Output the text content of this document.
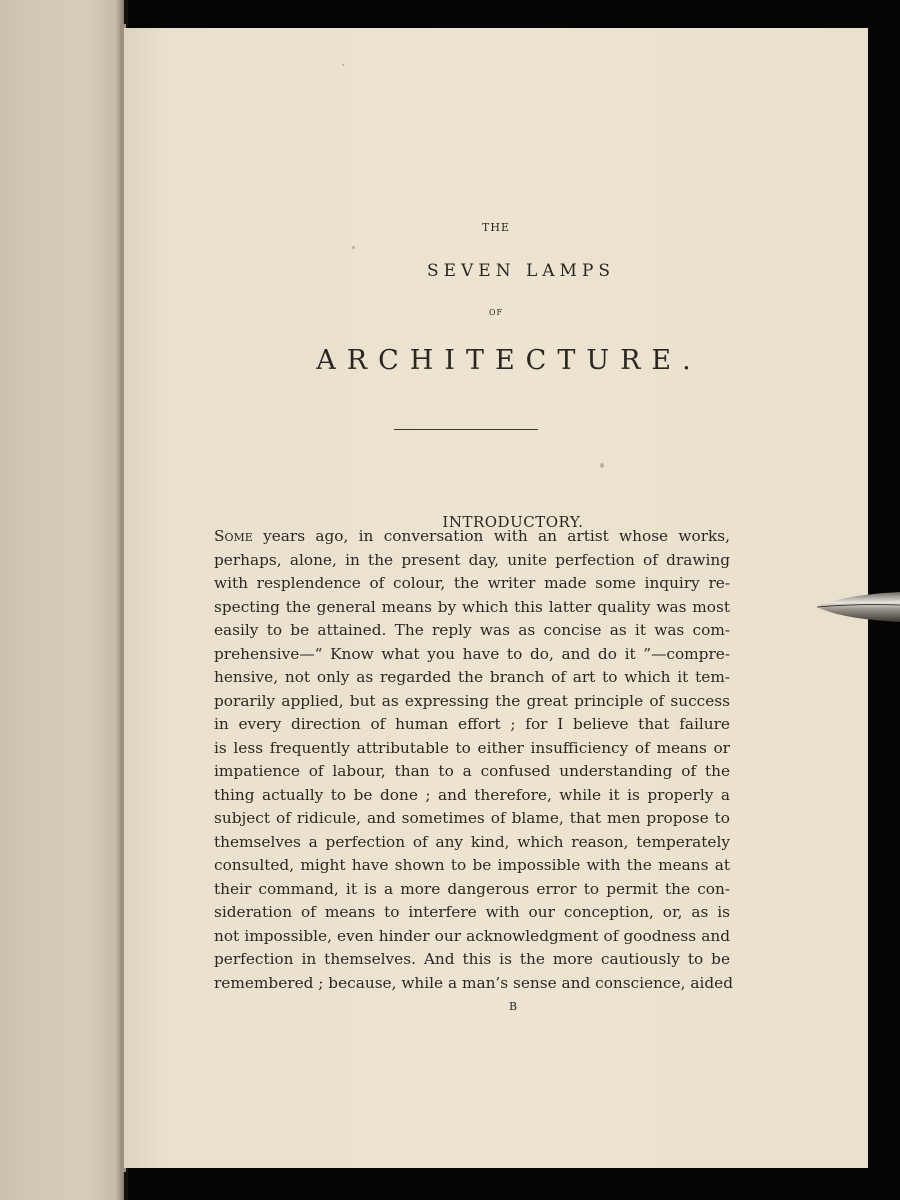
THE
SEVEN LAMPS
OF
ARCHITECTURE.
INTRODUCTORY.
Some years ago, in conversation with an artist whose works,
perhaps, alone, in the present day, unite perfection of drawing
with resplendence of colour, the writer made some inquiry re-
specting the general means by which this latter quality was most
easily to be attained. The reply was as concise as it was com-
prehensive—“ Know what you have to do, and do it ”—compre-
hensive, not only as regarded the branch of art to which it tem-
porarily applied, but as expressing the great principle of success
in every direction of human effort ; for I believe that failure
is less frequently attributable to either insufficiency of means or
impatience of labour, than to a confused understanding of the
thing actually to be done ; and therefore, while it is properly a
subject of ridicule, and sometimes of blame, that men propose to
themselves a perfection of any kind, which reason, temperately
consulted, might have shown to be impossible with the means at
their command, it is a more dangerous error to permit the con-
sideration of means to interfere with our conception, or, as is
not impossible, even hinder our acknowledgment of goodness and
perfection in themselves. And this is the more cautiously to be
remembered ; because, while a man’s sense and conscience, aided
B
